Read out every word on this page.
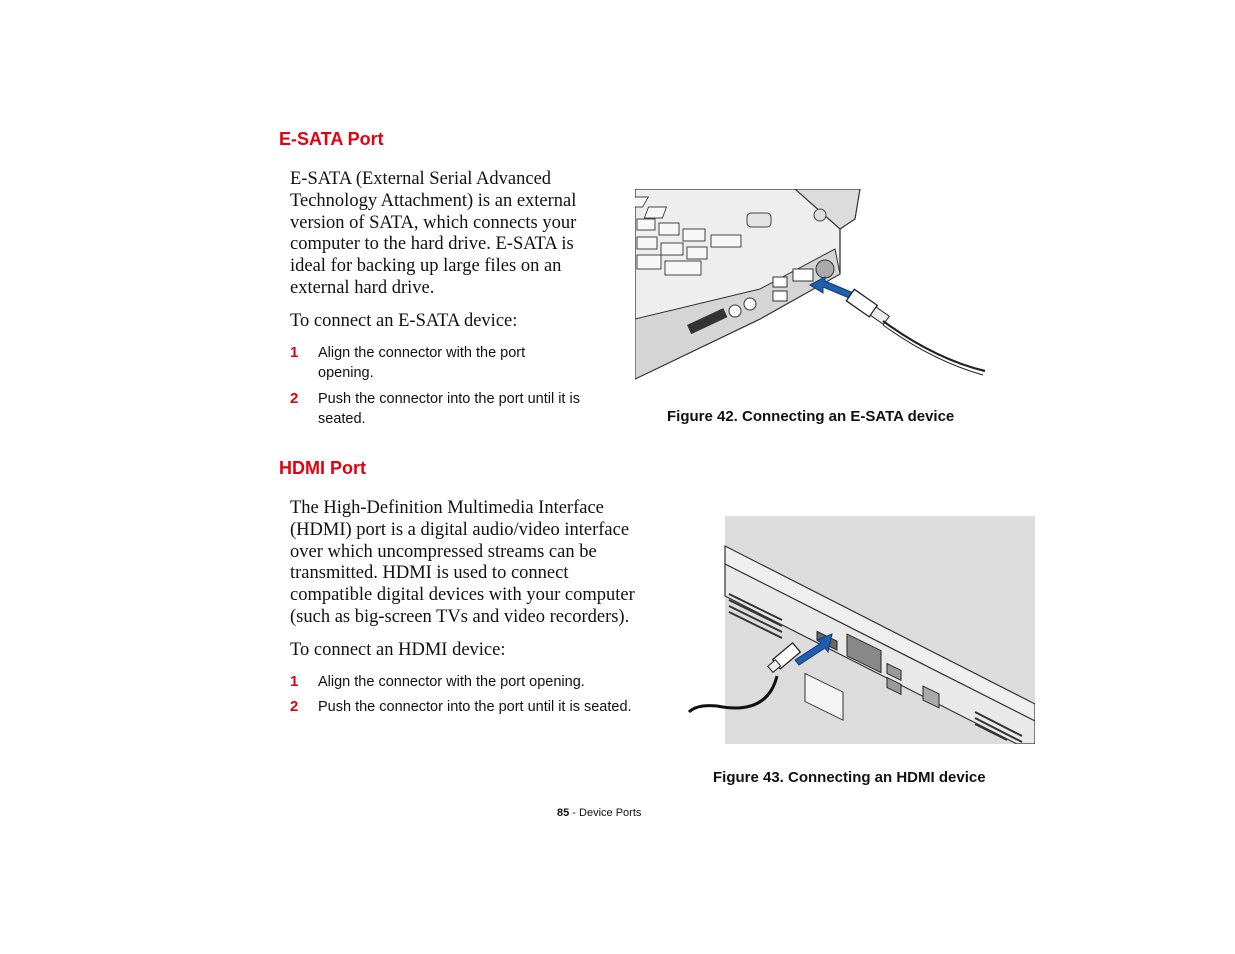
E-SATA Port

E-SATA (External Serial Advanced Technology Attachment) is an external version of SATA, which connects your computer to the hard drive. E-SATA is ideal for backing up large files on an external hard drive.

To connect an E-SATA device:

1 Align the connector with the port opening.
2 Push the connector into the port until it is seated.	Figure 42. Connecting an E-SATA device
HDMI Port

The High-Definition Multimedia Interface (HDMI) port is a digital audio/video interface over which uncompressed streams can be transmitted. HDMI is used to connect compatible digital devices with your computer (such as big-screen TVs and video recorders).

To connect an HDMI device:

1 Align the connector with the port opening.
2 Push the connector into the port until it is seated.
Figure 43. Connecting an HDMI device
85 - Device Ports
